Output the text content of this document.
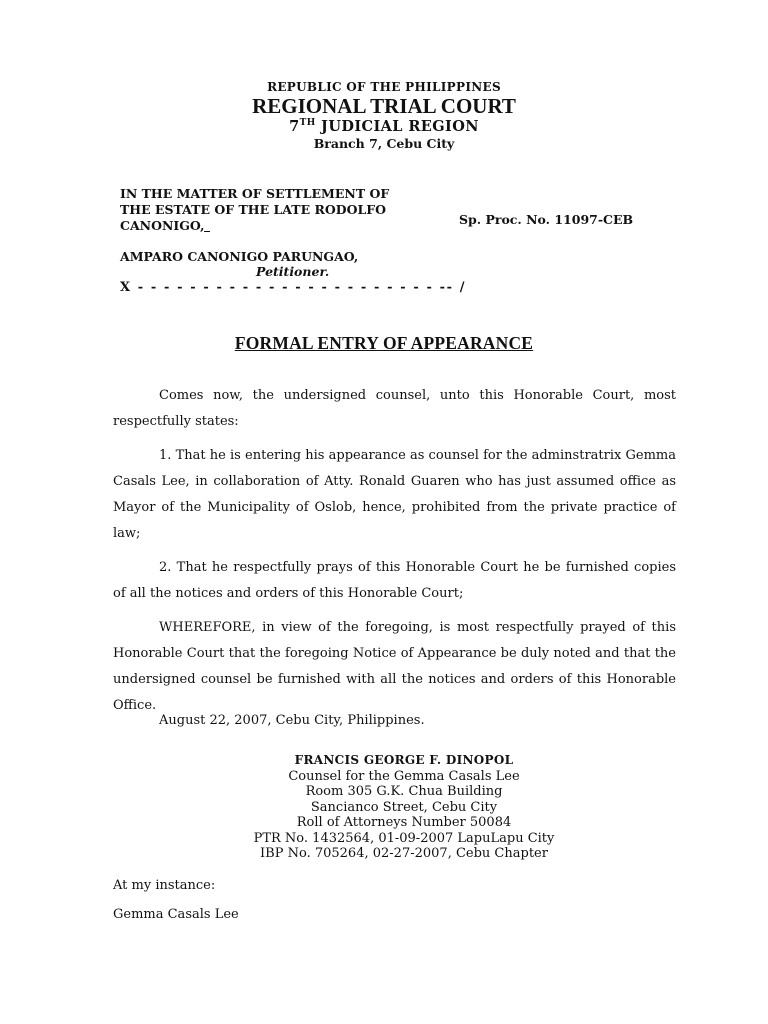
REPUBLIC OF THE PHILIPPINES
REGIONAL TRIAL COURT
7TH JUDICIAL REGION
Branch 7, Cebu City
IN THE MATTER OF SETTLEMENT OF
THE ESTATE OF THE LATE RODOLFO
CANONIGO,	Sp. Proc. No. 11097-CEB
AMPARO CANONIGO PARUNGAO,
Petitioner.
X - - - - - - - - - - - - - - - - - - - - - - - -- /
FORMAL ENTRY OF APPEARANCE

Comes now, the undersigned counsel, unto this Honorable Court, most respectfully states:

1. That he is entering his appearance as counsel for the adminstratrix Gemma Casals Lee, in collaboration of Atty. Ronald Guaren who has just assumed office as Mayor of the Municipality of Oslob, hence, prohibited from the private practice of law;

2. That he respectfully prays of this Honorable Court he be furnished copies of all the notices and orders of this Honorable Court;

WHEREFORE, in view of the foregoing, is most respectfully prayed of this Honorable Court that the foregoing Notice of Appearance be duly noted and that the undersigned counsel be furnished with all the notices and orders of this Honorable Office.

August 22, 2007, Cebu City, Philippines.
FRANCIS GEORGE F. DINOPOL
Counsel for the Gemma Casals Lee
Room 305 G.K. Chua Building
Sancianco Street, Cebu City
Roll of Attorneys Number 50084
PTR No. 1432564, 01-09-2007 LapuLapu City
IBP No. 705264, 02-27-2007, Cebu Chapter
At my instance:
Gemma Casals Lee
